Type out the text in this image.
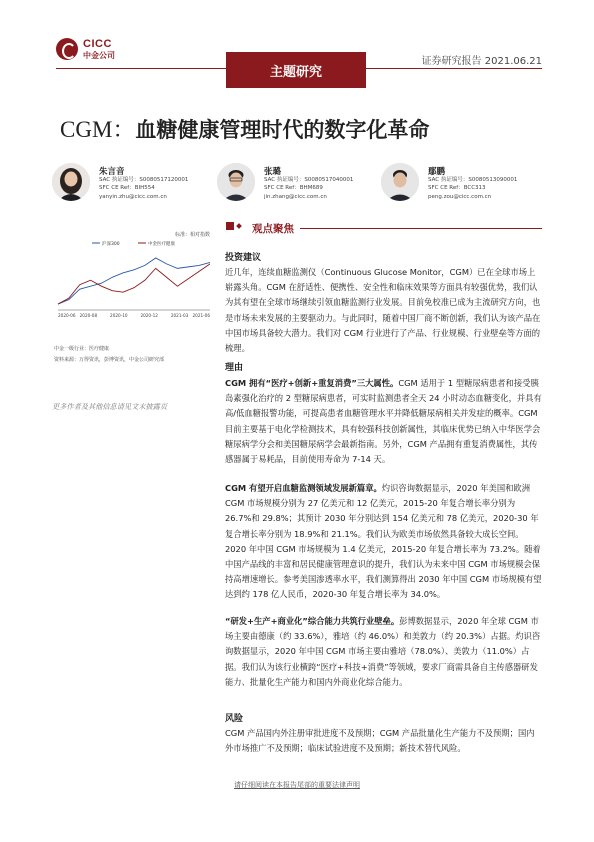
CICC
中金公司
主题研究
证券研究报告 2021.06.21
CGM：血糖健康管理时代的数字化革命
朱言音
SAC 执证编号：S0080517120001
SFC CE Ref：BIH554
yanyin.zhu@cicc.com.cn
张璐
SAC 执证编号：S0080517040001
SFC CE Ref：BHM689
jin.zhang@cicc.com.cn
鄢鹏
SAC 执证编号：S0080513090001
SFC CE Ref：BCC313
peng.zou@cicc.com.cn
观点聚焦
标准：相对指数
沪深300	中金医疗健康
2020-06 2020-08	2020-10	2020-12	2021-03 2021-06
中金一级行业：医疗健康
资料来源：万得资讯，彭博资讯，中金公司研究部
更多作者及其他信息请见文末披露页
投资建议
近几年，连续血糖监测仪（Continuous Glucose Monitor，CGM）已在全球市场上崭露头角。CGM 在舒适性、便携性、安全性和临床效果等方面具有较强优势，我们认为其有望在全球市场继续引领血糖监测行业发展。目前免校准已成为主流研究方向，也是市场未来发展的主要驱动力。与此同时，随着中国厂商不断创新，我们认为该产品在中国市场具备较大潜力。我们对 CGM 行业进行了产品、行业规模、行业壁垒等方面的梳理。
理由
CGM 拥有“医疗+创新+重复消费”三大属性。CGM 适用于 1 型糖尿病患者和接受胰岛素强化治疗的 2 型糖尿病患者，可实时监测患者全天 24 小时动态血糖变化，并具有高/低血糖报警功能，可提高患者血糖管理水平并降低糖尿病相关并发症的概率。CGM 目前主要基于电化学检测技术，具有较强科技创新属性，其临床优势已纳入中华医学会糖尿病学分会和美国糖尿病学会最新指南。另外，CGM 产品拥有重复消费属性，其传感器属于易耗品，目前使用寿命为 7-14 天。
CGM 有望开启血糖监测领域发展新篇章。灼识咨询数据显示，2020 年美国和欧洲 CGM 市场规模分别为 27 亿美元和 12 亿美元，2015-20 年复合增长率分别为 26.7%和 29.8%；其预计 2030 年分别达到 154 亿美元和 78 亿美元，2020-30 年复合增长率分别为 18.9%和 21.1%。我们认为欧美市场依然具备较大成长空间。2020 年中国 CGM 市场规模为 1.4 亿美元，2015-20 年复合增长率为 73.2%。随着中国产品线的丰富和居民健康管理意识的提升，我们认为未来中国 CGM 市场规模会保持高增速增长。参考美国渗透率水平，我们测算得出 2030 年中国 CGM 市场规模有望达到约 178 亿人民币，2020-30 年复合增长率为 34.0%。
“研发+生产+商业化”综合能力共筑行业壁垒。彭博数据显示，2020 年全球 CGM 市场主要由德康（约 33.6%），雅培（约 46.0%）和美敦力（约 20.3%）占据。灼识咨询数据显示，2020 年中国 CGM 市场主要由雅培（78.0%）、美敦力（11.0%）占据。我们认为该行业横跨“医疗+科技+消费”等领域，要求厂商需具备自主传感器研发能力、批量化生产能力和国内外商业化综合能力。
风险
CGM 产品国内外注册审批进度不及预期；CGM 产品批量化生产能力不及预期；国内外市场推广不及预期；临床试验进度不及预期；新技术替代风险。
请仔细阅读在本报告尾部的重要法律声明
